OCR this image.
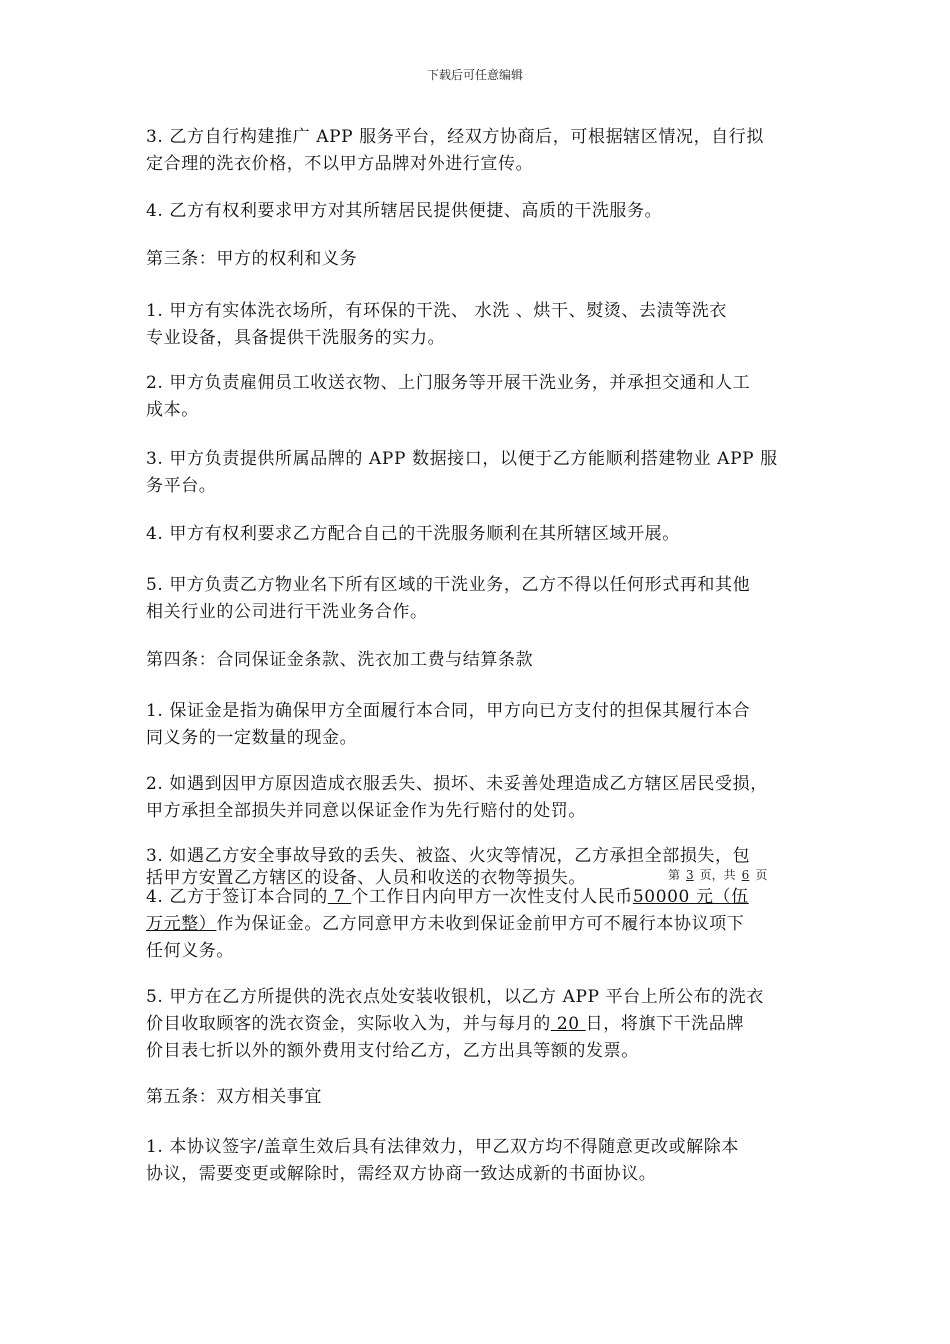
下载后可任意编辑
3. 乙方自行构建推广 APP 服务平台，经双方协商后，可根据辖区情况，自行拟
定合理的洗衣价格，不以甲方品牌对外进行宣传。
4. 乙方有权利要求甲方对其所辖居民提供便捷、高质的干洗服务。
第三条：甲方的权利和义务
1. 甲方有实体洗衣场所，有环保的干洗、 水洗 、烘干、熨烫、去渍等洗衣
专业设备，具备提供干洗服务的实力。
2. 甲方负责雇佣员工收送衣物、上门服务等开展干洗业务，并承担交通和人工
成本。
3. 甲方负责提供所属品牌的 APP 数据接口，以便于乙方能顺利搭建物业 APP 服
务平台。
4. 甲方有权利要求乙方配合自己的干洗服务顺利在其所辖区域开展。
5. 甲方负责乙方物业名下所有区域的干洗业务，乙方不得以任何形式再和其他
相关行业的公司进行干洗业务合作。
第四条：合同保证金条款、洗衣加工费与结算条款
1. 保证金是指为确保甲方全面履行本合同，甲方向已方支付的担保其履行本合
同义务的一定数量的现金。
2. 如遇到因甲方原因造成衣服丢失、损坏、未妥善处理造成乙方辖区居民受损，
甲方承担全部损失并同意以保证金作为先行赔付的处罚。
3. 如遇乙方安全事故导致的丢失、被盗、火灾等情况，乙方承担全部损失，包
括甲方安置乙方辖区的设备、人员和收送的衣物等损失。	第 3 页，共 6 页
4. 乙方于签订本合同的 7 个工作日内向甲方一次性支付人民币50000 元（伍
万元整）作为保证金。乙方同意甲方未收到保证金前甲方可不履行本协议项下
任何义务。
5. 甲方在乙方所提供的洗衣点处安装收银机，以乙方 APP 平台上所公布的洗衣
价目收取顾客的洗衣资金，实际收入为，并与每月的 20 日，将旗下干洗品牌
价目表七折以外的额外费用支付给乙方，乙方出具等额的发票。
第五条：双方相关事宜
1. 本协议签字/盖章生效后具有法律效力，甲乙双方均不得随意更改或解除本
协议，需要变更或解除时，需经双方协商一致达成新的书面协议。
